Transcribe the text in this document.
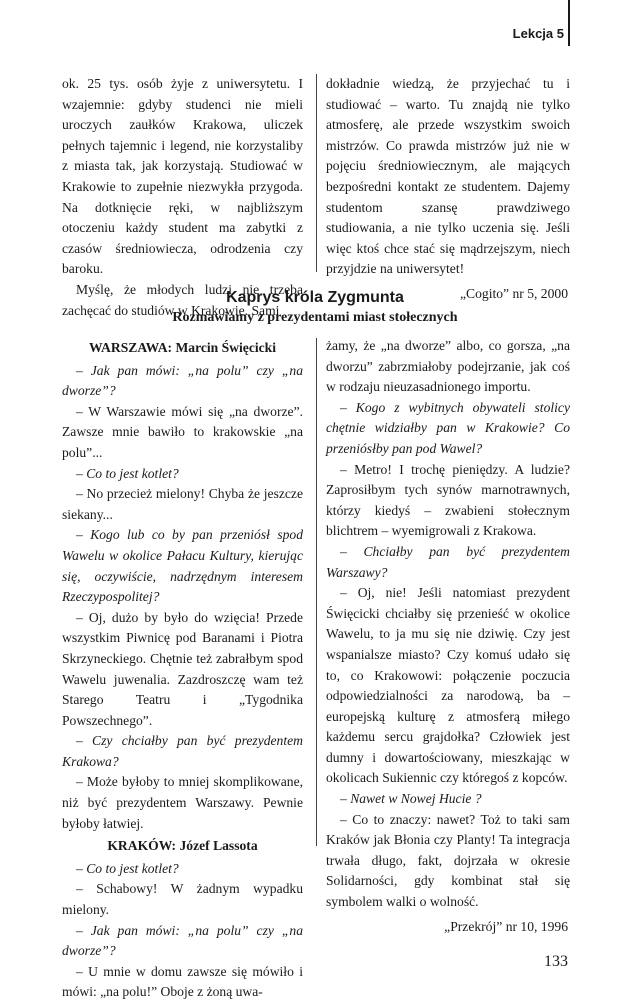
Lekcja 5

ok. 25 tys. osób żyje z uniwersytetu. I wzajemnie: gdyby studenci nie mieli uroczych zaułków Krakowa, uliczek pełnych tajemnic i legend, nie korzystaliby z miasta tak, jak korzystają. Studiować w Krakowie to zupełnie niezwykła przygoda. Na dotknięcie ręki, w najbliższym otoczeniu każdy student ma zabytki z czasów średniowiecza, odrodzenia czy baroku.

Myślę, że młodych ludzi nie trzeba zachęcać do studiów w Krakowie. Sami

dokładnie wiedzą, że przyjechać tu i studiować – warto. Tu znajdą nie tylko atmosferę, ale przede wszystkim swoich mistrzów. Co prawda mistrzów już nie w pojęciu średniowiecznym, ale mających bezpośredni kontakt ze studentem. Dajemy studentom szansę prawdziwego studiowania, a nie tylko uczenia się. Jeśli więc ktoś chce stać się mądrzejszym, niech przyjdzie na uniwersytet!

„Cogito” nr 5, 2000

Kaprys króla Zygmunta
Rozmawiamy z prezydentami miast stołecznych

WARSZAWA: Marcin Święcicki

– Jak pan mówi: „na polu” czy „na dworze”?

– W Warszawie mówi się „na dworze”. Zawsze mnie bawiło to krakowskie „na polu”...

– Co to jest kotlet?

– No przecież mielony! Chyba że jeszcze siekany...

– Kogo lub co by pan przeniósł spod Wawelu w okolice Pałacu Kultury, kierując się, oczywiście, nadrzędnym interesem Rzeczypospolitej?

– Oj, dużo by było do wzięcia! Przede wszystkim Piwnicę pod Baranami i Piotra Skrzyneckiego. Chętnie też zabrałbym spod Wawelu juwenalia. Zazdroszczę wam też Starego Teatru i „Tygodnika Powszechnego”.

– Czy chciałby pan być prezydentem Krakowa?

– Może byłoby to mniej skomplikowane, niż być prezydentem Warszawy. Pewnie byłoby łatwiej.

KRAKÓW: Józef Lassota

– Co to jest kotlet?

– Schabowy! W żadnym wypadku mielony.

– Jak pan mówi: „na polu” czy „na dworze”?

– U mnie w domu zawsze się mówiło i mówi: „na polu!” Oboje z żoną uwa-

żamy, że „na dworze” albo, co gorsza, „na dworzu” zabrzmiałoby podejrzanie, jak coś w rodzaju nieuzasadnionego importu.

– Kogo z wybitnych obywateli stolicy chętnie widziałby pan w Krakowie? Co przeniósłby pan pod Wawel?

– Metro! I trochę pieniędzy. A ludzie? Zaprosiłbym tych synów marnotrawnych, którzy kiedyś – zwabieni stołecznym blichtrem – wyemigrowali z Krakowa.

– Chciałby pan być prezydentem Warszawy?

– Oj, nie! Jeśli natomiast prezydent Święcicki chciałby się przenieść w okolice Wawelu, to ja mu się nie dziwię. Czy jest wspanialsze miasto? Czy komuś udało się to, co Krakowowi: połączenie poczucia odpowiedzialności za narodową, ba – europejską kulturę z atmosferą miłego każdemu sercu grajdołka? Człowiek jest dumny i dowartościowany, mieszkając w okolicach Sukiennic czy któregoś z kopców.

– Nawet w Nowej Hucie ?

– Co to znaczy: nawet? Toż to taki sam Kraków jak Błonia czy Planty! Ta integracja trwała długo, fakt, dojrzała w okresie Solidarności, gdy kombinat stał się symbolem walki o wolność.

„Przekrój” nr 10, 1996

133
